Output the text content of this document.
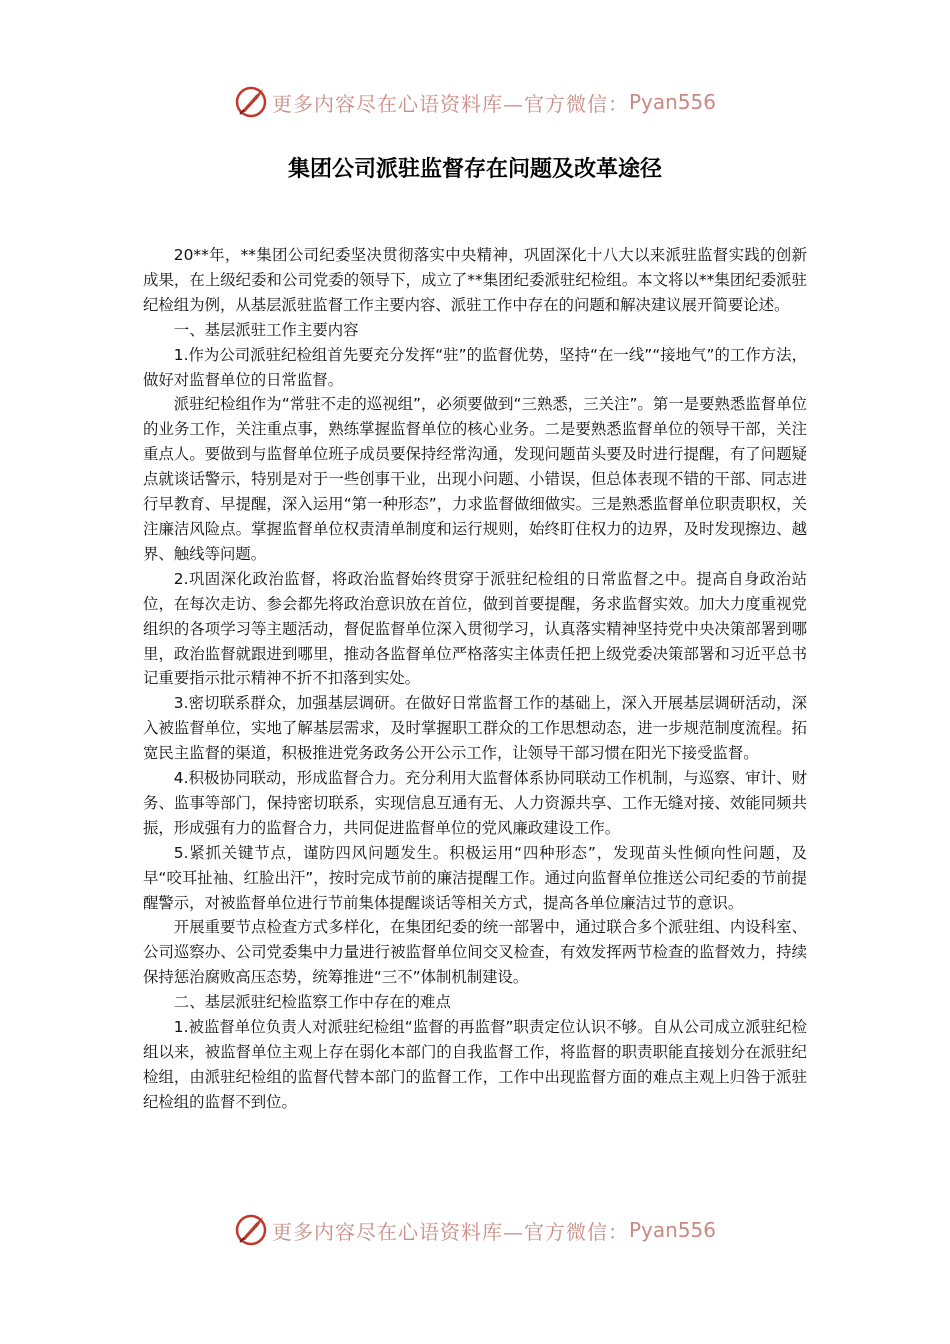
更多内容尽在心语资料库—官方微信： Pyan556
集团公司派驻监督存在问题及改革途径

20**年，**集团公司纪委坚决贯彻落实中央精神，巩固深化十八大以来派驻监督实践的创新成果，在上级纪委和公司党委的领导下，成立了**集团纪委派驻纪检组。本文将以**集团纪委派驻纪检组为例，从基层派驻监督工作主要内容、派驻工作中存在的问题和解决建议展开简要论述。

一、基层派驻工作主要内容

1.作为公司派驻纪检组首先要充分发挥“驻”的监督优势，坚持“在一线”“接地气”的工作方法，做好对监督单位的日常监督。

派驻纪检组作为“常驻不走的巡视组”，必须要做到“三熟悉，三关注”。第一是要熟悉监督单位的业务工作，关注重点事，熟练掌握监督单位的核心业务。二是要熟悉监督单位的领导干部，关注重点人。要做到与监督单位班子成员要保持经常沟通，发现问题苗头要及时进行提醒，有了问题疑点就谈话警示，特别是对于一些创事干业，出现小问题、小错误，但总体表现不错的干部、同志进行早教育、早提醒，深入运用“第一种形态”，力求监督做细做实。三是熟悉监督单位职责职权，关注廉洁风险点。掌握监督单位权责清单制度和运行规则，始终盯住权力的边界，及时发现擦边、越界、触线等问题。

2.巩固深化政治监督，将政治监督始终贯穿于派驻纪检组的日常监督之中。提高自身政治站位，在每次走访、参会都先将政治意识放在首位，做到首要提醒，务求监督实效。加大力度重视党组织的各项学习等主题活动，督促监督单位深入贯彻学习，认真落实精神坚持党中央决策部署到哪里，政治监督就跟进到哪里，推动各监督单位严格落实主体责任把上级党委决策部署和习近平总书记重要指示批示精神不折不扣落到实处。

3.密切联系群众，加强基层调研。在做好日常监督工作的基础上，深入开展基层调研活动，深入被监督单位，实地了解基层需求，及时掌握职工群众的工作思想动态，进一步规范制度流程。拓宽民主监督的渠道，积极推进党务政务公开公示工作，让领导干部习惯在阳光下接受监督。

4.积极协同联动，形成监督合力。充分利用大监督体系协同联动工作机制，与巡察、审计、财务、监事等部门，保持密切联系，实现信息互通有无、人力资源共享、工作无缝对接、效能同频共振，形成强有力的监督合力，共同促进监督单位的党风廉政建设工作。

5.紧抓关键节点，谨防四风问题发生。积极运用“四种形态”，发现苗头性倾向性问题，及早“咬耳扯袖、红脸出汗”，按时完成节前的廉洁提醒工作。通过向监督单位推送公司纪委的节前提醒警示，对被监督单位进行节前集体提醒谈话等相关方式，提高各单位廉洁过节的意识。

开展重要节点检查方式多样化，在集团纪委的统一部署中，通过联合多个派驻组、内设科室、公司巡察办、公司党委集中力量进行被监督单位间交叉检查，有效发挥两节检查的监督效力，持续保持惩治腐败高压态势，统筹推进“三不”体制机制建设。

二、基层派驻纪检监察工作中存在的难点

1.被监督单位负责人对派驻纪检组“监督的再监督”职责定位认识不够。自从公司成立派驻纪检组以来，被监督单位主观上存在弱化本部门的自我监督工作，将监督的职责职能直接划分在派驻纪检组，由派驻纪检组的监督代替本部门的监督工作，工作中出现监督方面的难点主观上归咎于派驻纪检组的监督不到位。

更多内容尽在心语资料库—官方微信： Pyan556
